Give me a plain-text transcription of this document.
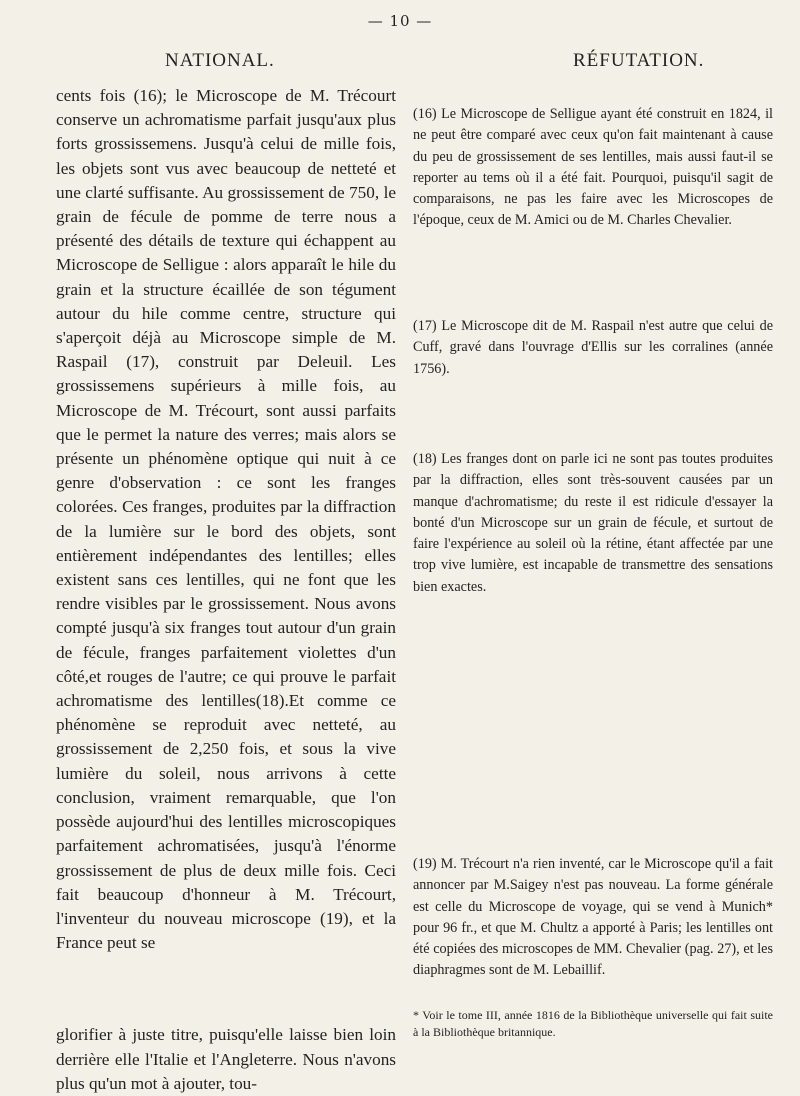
— 10 —
NATIONAL.	RÉFUTATION.

cents fois (16); le Microscope de M. Trécourt conserve un achromatisme parfait jusqu'aux plus forts grossissemens. Jusqu'à celui de mille fois, les objets sont vus avec beaucoup de netteté et une clarté suffisante. Au grossissement de 750, le grain de fécule de pomme de terre nous a présenté des détails de texture qui échappent au Microscope de Selligue : alors apparaît le hile du grain et la structure écaillée de son tégument autour du hile comme centre, structure qui s'aperçoit déjà au Microscope simple de M. Raspail (17), construit par Deleuil. Les grossissemens supérieurs à mille fois, au Microscope de M. Trécourt, sont aussi parfaits que le permet la nature des verres; mais alors se présente un phénomène optique qui nuit à ce genre d'observation : ce sont les franges colorées. Ces franges, produites par la diffraction de la lumière sur le bord des objets, sont entièrement indépendantes des lentilles; elles existent sans ces lentilles, qui ne font que les rendre visibles par le grossissement. Nous avons compté jusqu'à six franges tout autour d'un grain de fécule, franges parfaitement violettes d'un côté,et rouges de l'autre; ce qui prouve le parfait achromatisme des lentilles(18).Et comme ce phénomène se reproduit avec netteté, au grossissement de 2,250 fois, et sous la vive lumière du soleil, nous arrivons à cette conclusion, vraiment remarquable, que l'on possède aujourd'hui des lentilles microscopiques parfaitement achromatisées, jusqu'à l'énorme grossissement de plus de deux mille fois. Ceci fait beaucoup d'honneur à M. Trécourt, l'inventeur du nouveau microscope (19), et la France peut se

glorifier à juste titre, puisqu'elle laisse bien loin derrière elle l'Italie et l'Angleterre. Nous n'avons plus qu'un mot à ajouter, tou-

(16) Le Microscope de Selligue ayant été construit en 1824, il ne peut être comparé avec ceux qu'on fait maintenant à cause du peu de grossissement de ses lentilles, mais aussi faut-il se reporter au tems où il a été fait. Pourquoi, puisqu'il sagit de comparaisons, ne pas les faire avec les Microscopes de l'époque, ceux de M. Amici ou de M. Charles Chevalier.

(17) Le Microscope dit de M. Raspail n'est autre que celui de Cuff, gravé dans l'ouvrage d'Ellis sur les corralines (année 1756).

(18) Les franges dont on parle ici ne sont pas toutes produites par la diffraction, elles sont très-souvent causées par un manque d'achromatisme; du reste il est ridicule d'essayer la bonté d'un Microscope sur un grain de fécule, et surtout de faire l'expérience au soleil où la rétine, étant affectée par une trop vive lumière, est incapable de transmettre des sensations bien exactes.

(19) M. Trécourt n'a rien inventé, car le Microscope qu'il a fait annoncer par M.Saigey n'est pas nouveau. La forme générale est celle du Microscope de voyage, qui se vend à Munich* pour 96 fr., et que M. Chultz a apporté à Paris; les lentilles ont été copiées des microscopes de MM. Chevalier (pag. 27), et les diaphragmes sont de M. Lebaillif.

* Voir le tome III, année 1816 de la Bibliothèque universelle qui fait suite à la Bibliothèque britannique.
